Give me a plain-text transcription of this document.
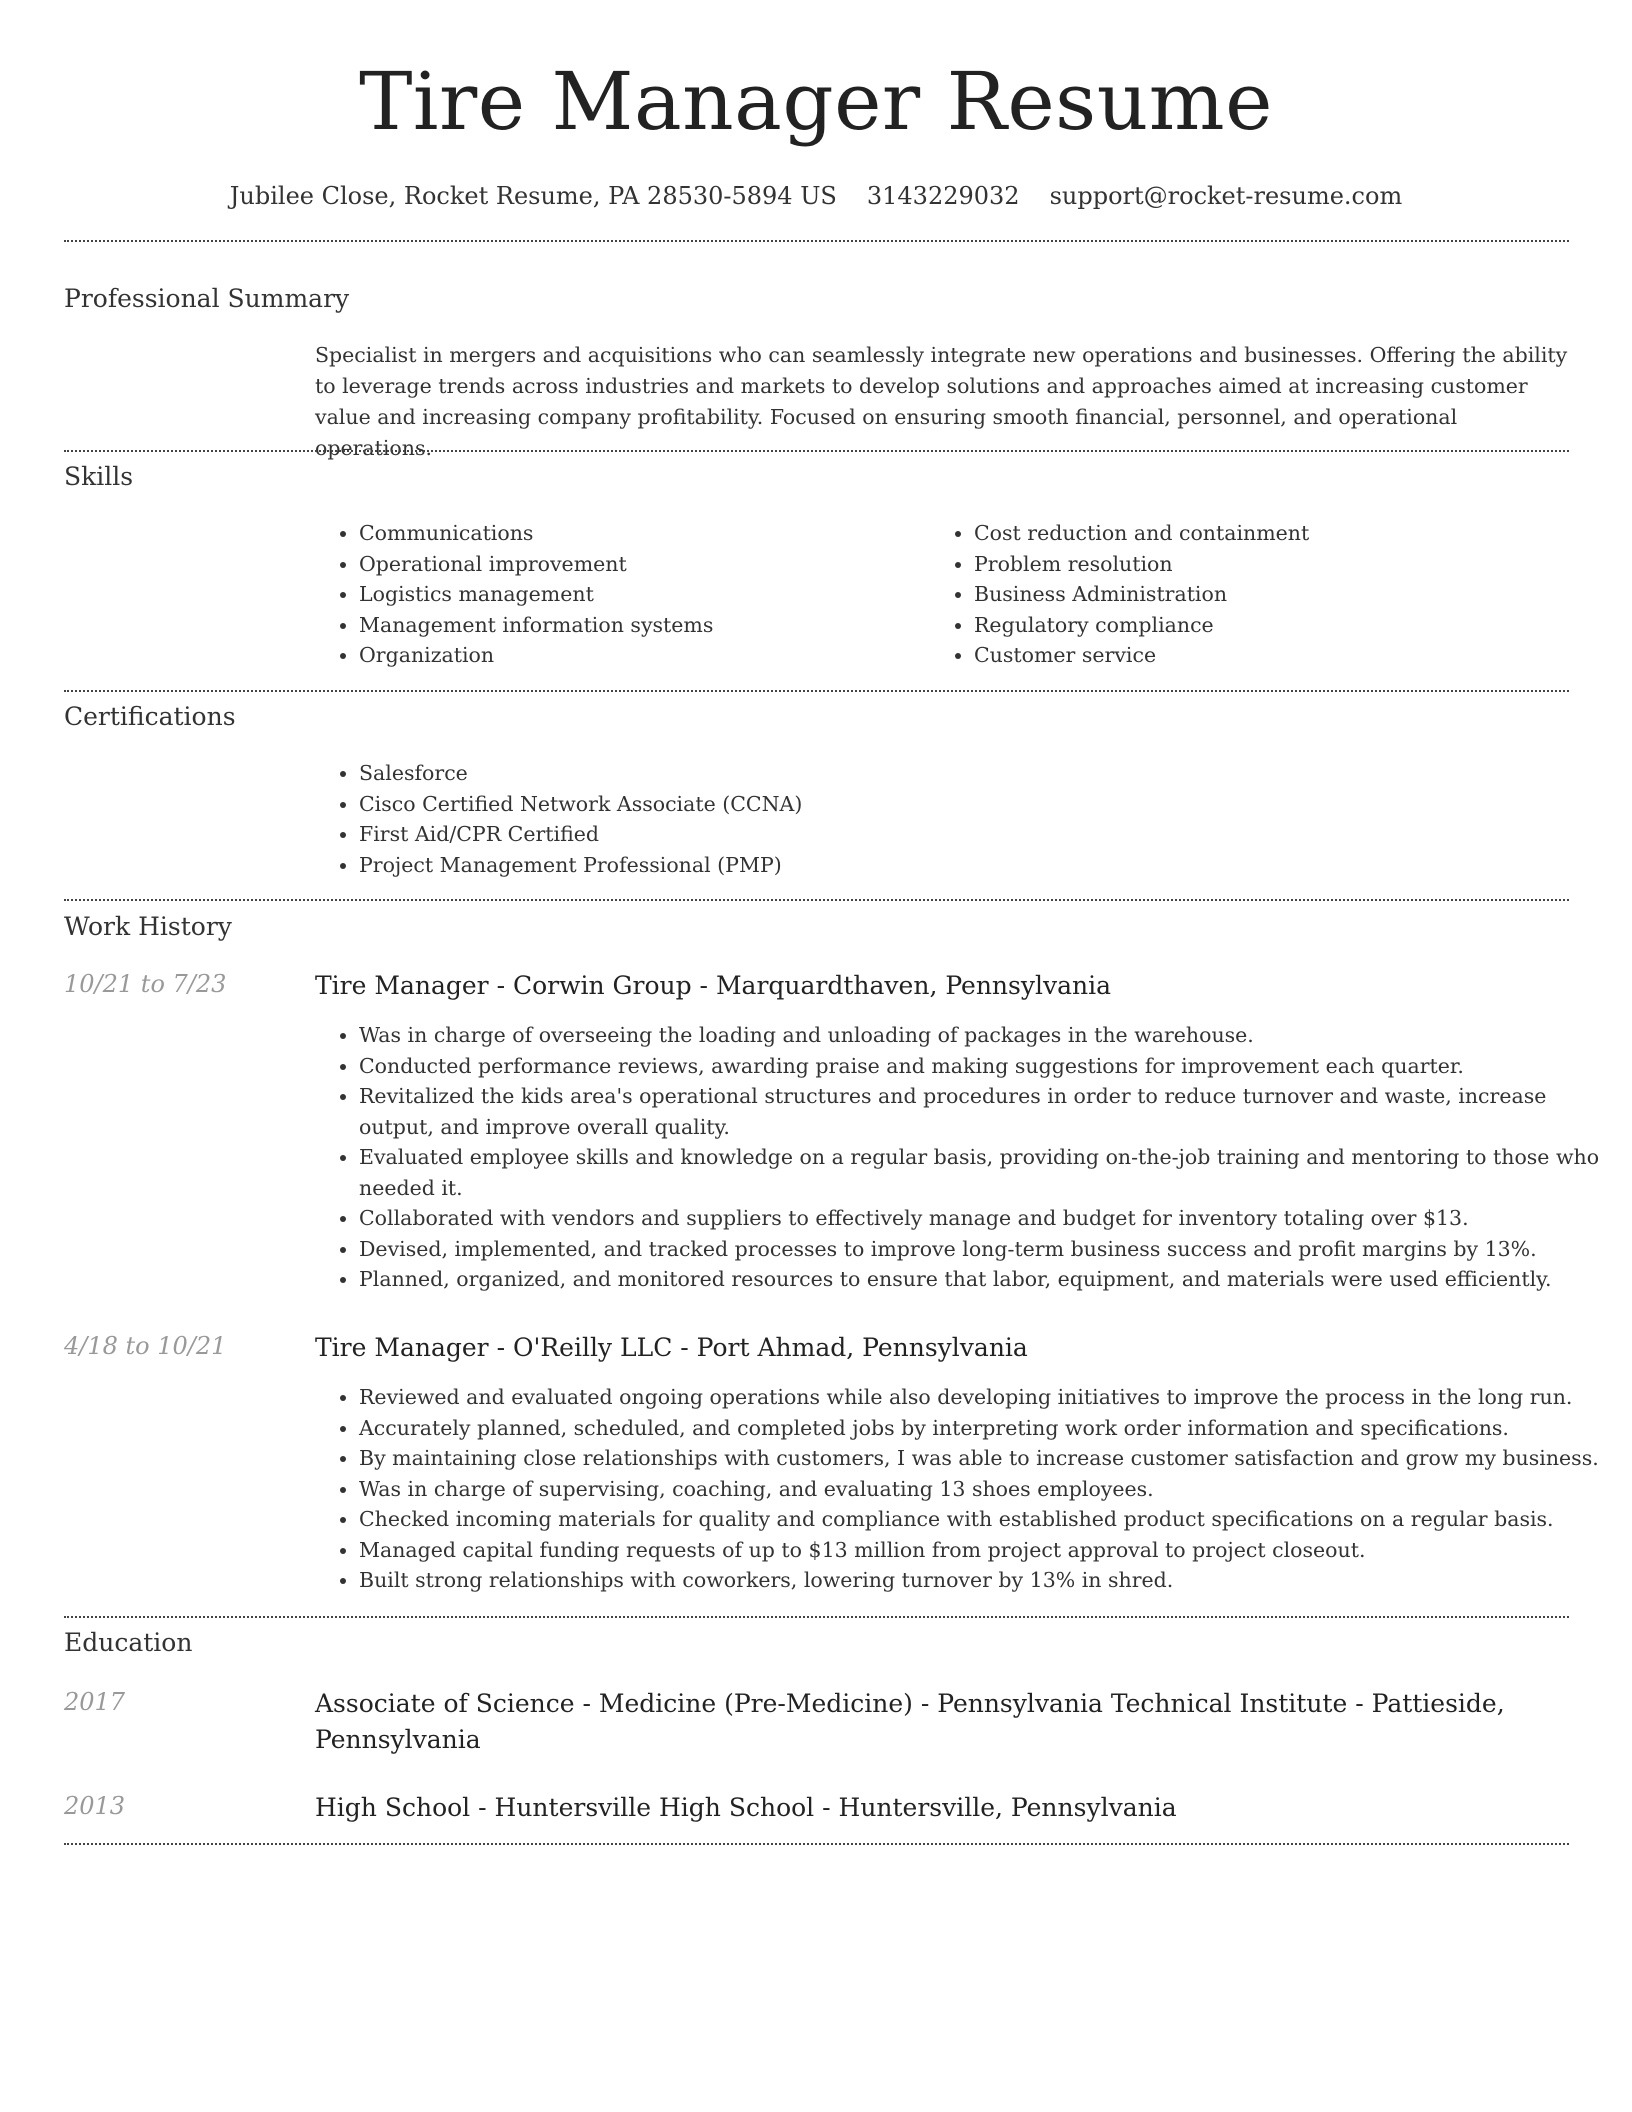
Tire Manager Resume
Jubilee Close, Rocket Resume, PA 28530-5894 US 3143229032 support@rocket-resume.com
Professional Summary
Specialist in mergers and acquisitions who can seamlessly integrate new operations and businesses. Offering the ability to leverage trends across industries and markets to develop solutions and approaches aimed at increasing customer value and increasing company profitability. Focused on ensuring smooth financial, personnel, and operational operations.
Skills
• Communications
• Operational improvement
• Logistics management
• Management information systems
• Organization
• Cost reduction and containment
• Problem resolution
• Business Administration
• Regulatory compliance
• Customer service
Certifications
• Salesforce
• Cisco Certified Network Associate (CCNA)
• First Aid/CPR Certified
• Project Management Professional (PMP)
Work History
10/21 to 7/23	Tire Manager - Corwin Group - Marquardthaven, Pennsylvania
• Was in charge of overseeing the loading and unloading of packages in the warehouse.
• Conducted performance reviews, awarding praise and making suggestions for improvement each quarter.
• Revitalized the kids area's operational structures and procedures in order to reduce turnover and waste, increase output, and improve overall quality.
• Evaluated employee skills and knowledge on a regular basis, providing on-the-job training and mentoring to those who needed it.
• Collaborated with vendors and suppliers to effectively manage and budget for inventory totaling over $13.
• Devised, implemented, and tracked processes to improve long-term business success and profit margins by 13%.
• Planned, organized, and monitored resources to ensure that labor, equipment, and materials were used efficiently.
4/18 to 10/21	Tire Manager - O'Reilly LLC - Port Ahmad, Pennsylvania
• Reviewed and evaluated ongoing operations while also developing initiatives to improve the process in the long run.
• Accurately planned, scheduled, and completed jobs by interpreting work order information and specifications.
• By maintaining close relationships with customers, I was able to increase customer satisfaction and grow my business.
• Was in charge of supervising, coaching, and evaluating 13 shoes employees.
• Checked incoming materials for quality and compliance with established product specifications on a regular basis.
• Managed capital funding requests of up to $13 million from project approval to project closeout.
• Built strong relationships with coworkers, lowering turnover by 13% in shred.
Education
2017	Associate of Science - Medicine (Pre-Medicine) - Pennsylvania Technical Institute - Pattieside, Pennsylvania
2013	High School - Huntersville High School - Huntersville, Pennsylvania
